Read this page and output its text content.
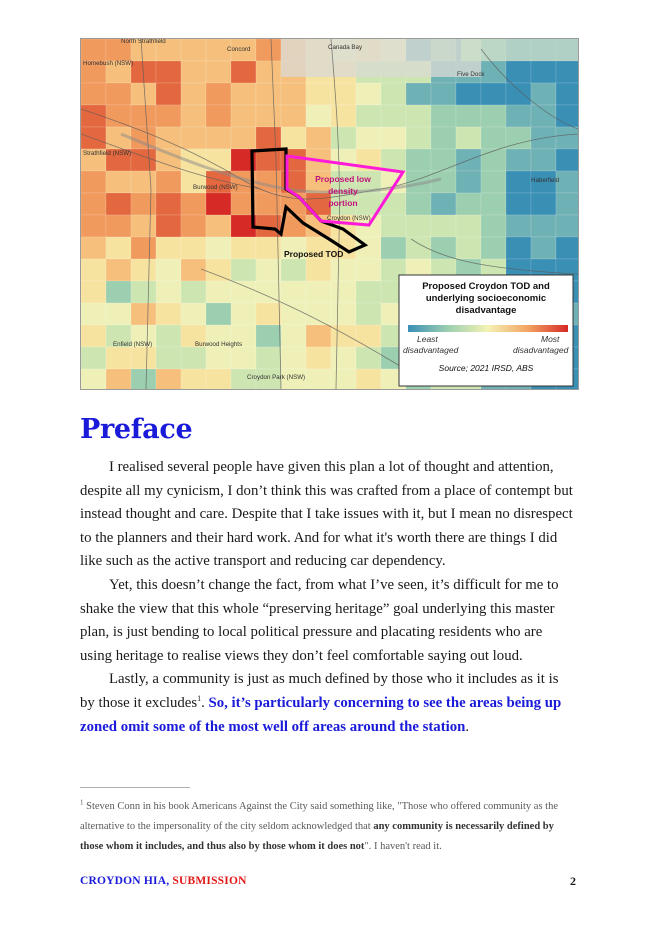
North Strathfield
Concord	Canada Bay
Homebush (NSW)
Five Dock
Strathfield (NSW)
Haberfield
Burwood (NSW)
Croydon (NSW)
Enfield (NSW)	Burwood Heights
Croydon Park (NSW)
Proposed TOD
Proposed low
density
portion
Proposed Croydon TOD and
underlying socioeconomic
disadvantage
Least
disadvantaged
Most
disadvantaged
Source; 2021 IRSD, ABS
Preface

I realised several people have given this plan a lot of thought and attention, despite all my cynicism, I don’t think this was crafted from a place of contempt but instead thought and care. Despite that I take issues with it, but I mean no disrespect to the planners and their hard work. And for what it's worth there are things I did like such as the active transport and reducing car dependency.

Yet, this doesn’t change the fact, from what I’ve seen, it’s difficult for me to shake the view that this whole “preserving heritage” goal underlying this master plan, is just bending to local political pressure and placating residents who are using heritage to realise views they don’t feel comfortable saying out loud.

Lastly, a community is just as much defined by those who it includes as it is by those it excludes$^1$. So, it’s particularly concerning to see the areas being up zoned omit some of the most well off areas around the station.

$^1$ Steven Conn in his book Americans Against the City said something like, "Those who offered community as the alternative to the impersonality of the city seldom acknowledged that any community is necessarily defined by those whom it includes, and thus also by those whom it does not". I haven't read it.
CROYDON HIA, SUBMISSION	2
